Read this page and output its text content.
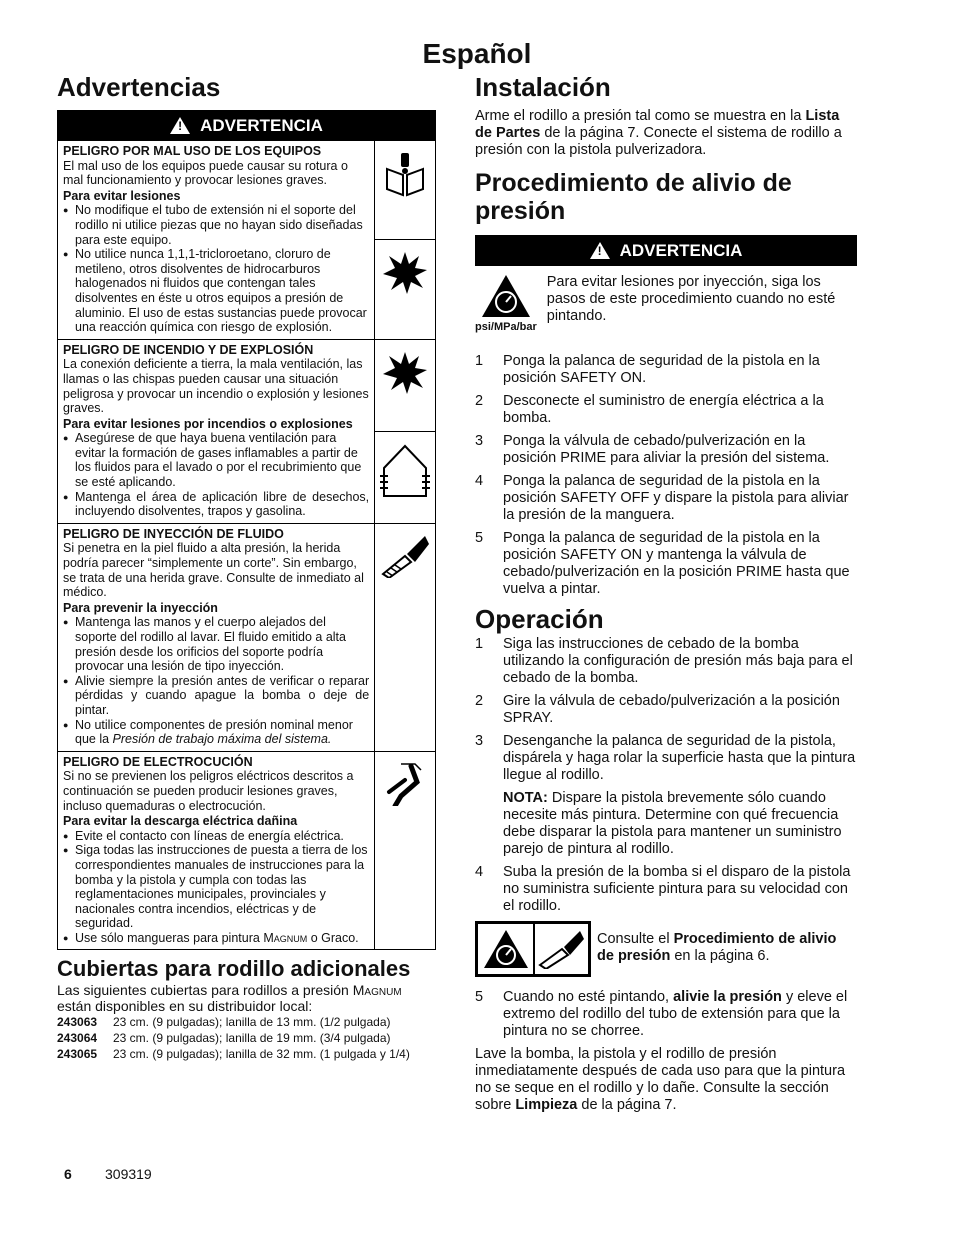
Español
Advertencias
!
ADVERTENCIA
PELIGRO POR MAL USO DE LOS EQUIPOS
El mal uso de los equipos puede causar su rotura o mal funcionamiento y provocar lesiones graves.
Para evitar lesiones
● No modifique el tubo de extensión ni el soporte del rodillo ni utilice piezas que no hayan sido diseñadas para este equipo.
● No utilice nunca 1,1,1-tricloroetano, cloruro de metileno, otros disolventes de hidrocarburos halogenados ni fluidos que contengan tales disolventes en éste u otros equipos a presión de aluminio. El uso de estas sustancias puede provocar una reacción química con riesgo de explosión.
PELIGRO DE INCENDIO Y DE EXPLOSIÓN
La conexión deficiente a tierra, la mala ventilación, las llamas o las chispas pueden causar una situación peligrosa y provocar un incendio o explosión y lesiones graves.
Para evitar lesiones por incendios o explosiones
● Asegúrese de que haya buena ventilación para evitar la formación de gases inflamables a partir de los fluidos para el lavado o por el recubrimiento que se esté aplicando.
● Mantenga el área de aplicación libre de desechos, incluyendo disolventes, trapos y gasolina.
PELIGRO DE INYECCIÓN DE FLUIDO
Si penetra en la piel fluido a alta presión, la herida podría parecer “simplemente un corte”. Sin embargo, se trata de una herida grave. Consulte de inmediato al médico.
Para prevenir la inyección
● Mantenga las manos y el cuerpo alejados del soporte del rodillo al lavar. El fluido emitido a alta presión desde los orificios del soporte podría provocar una lesión de tipo inyección.
● Alivie siempre la presión antes de verificar o reparar pérdidas y cuando apague la bomba o deje de pintar.
● No utilice componentes de presión nominal menor que la Presión de trabajo máxima del sistema.
PELIGRO DE ELECTROCUCIÓN
Si no se previenen los peligros eléctricos descritos a continuación se pueden producir lesiones graves, incluso quemaduras o electrocución.
Para evitar la descarga eléctrica dañina
● Evite el contacto con líneas de energía eléctrica.
● Siga todas las instrucciones de puesta a tierra de los correspondientes manuales de instrucciones para la bomba y la pistola y cumpla con todas las reglamentaciones municipales, provinciales y nacionales contra incendios, eléctricas y de seguridad.
● Use sólo mangueras para pintura Magnum o Graco.
Cubiertas para rodillo adicionales

Las siguientes cubiertas para rodillos a presión Magnum están disponibles en su distribuidor local:

243063	23 cm. (9 pulgadas); lanilla de 13 mm. (1/2 pulgada)
243064	23 cm. (9 pulgadas); lanilla de 19 mm. (3/4 pulgada)
243065	23 cm. (9 pulgadas); lanilla de 32 mm. (1 pulgada y 1/4)
6 309319
Instalación

Arme el rodillo a presión tal como se muestra en la Lista de Partes de la página 7. Conecte el sistema de rodillo a presión con la pistola pulverizadora.

Procedimiento de alivio de presión
!
ADVERTENCIA
psi/MPa/bar
Para evitar lesiones por inyección, siga los pasos de este procedimiento cuando no esté pintando.
1	Ponga la palanca de seguridad de la pistola en la posición SAFETY ON.
2	Desconecte el suministro de energía eléctrica a la bomba.
3	Ponga la válvula de cebado/pulverización en la posición PRIME para aliviar la presión del sistema.
4	Ponga la palanca de seguridad de la pistola en la posición SAFETY OFF y dispare la pistola para aliviar la presión de la manguera.
5	Ponga la palanca de seguridad de la pistola en la posición SAFETY ON y mantenga la válvula de cebado/pulverización en la posición PRIME hasta que vuelva a pintar.
Operación
1	Siga las instrucciones de cebado de la bomba utilizando la configuración de presión más baja para el cebado de la bomba.
2	Gire la válvula de cebado/pulverización a la posición SPRAY.
3	Desenganche la palanca de seguridad de la pistola, dispárela y haga rolar la superficie hasta que la pintura llegue al rodillo.
NOTA: Dispare la pistola brevemente sólo cuando necesite más pintura. Determine con qué frecuencia debe disparar la pistola para mantener un suministro parejo de pintura al rodillo.
4	Suba la presión de la bomba si el disparo de la pistola no suministra suficiente pintura para su velocidad con el rodillo.
Consulte el Procedimiento de alivio de presión en la página 6.
5	Cuando no esté pintando, alivie la presión y eleve el extremo del rodillo del tubo de extensión para que la pintura no se chorree.

Lave la bomba, la pistola y el rodillo de presión inmediatamente después de cada uso para que la pintura no se seque en el rodillo y lo dañe. Consulte la sección sobre Limpieza de la página 7.
